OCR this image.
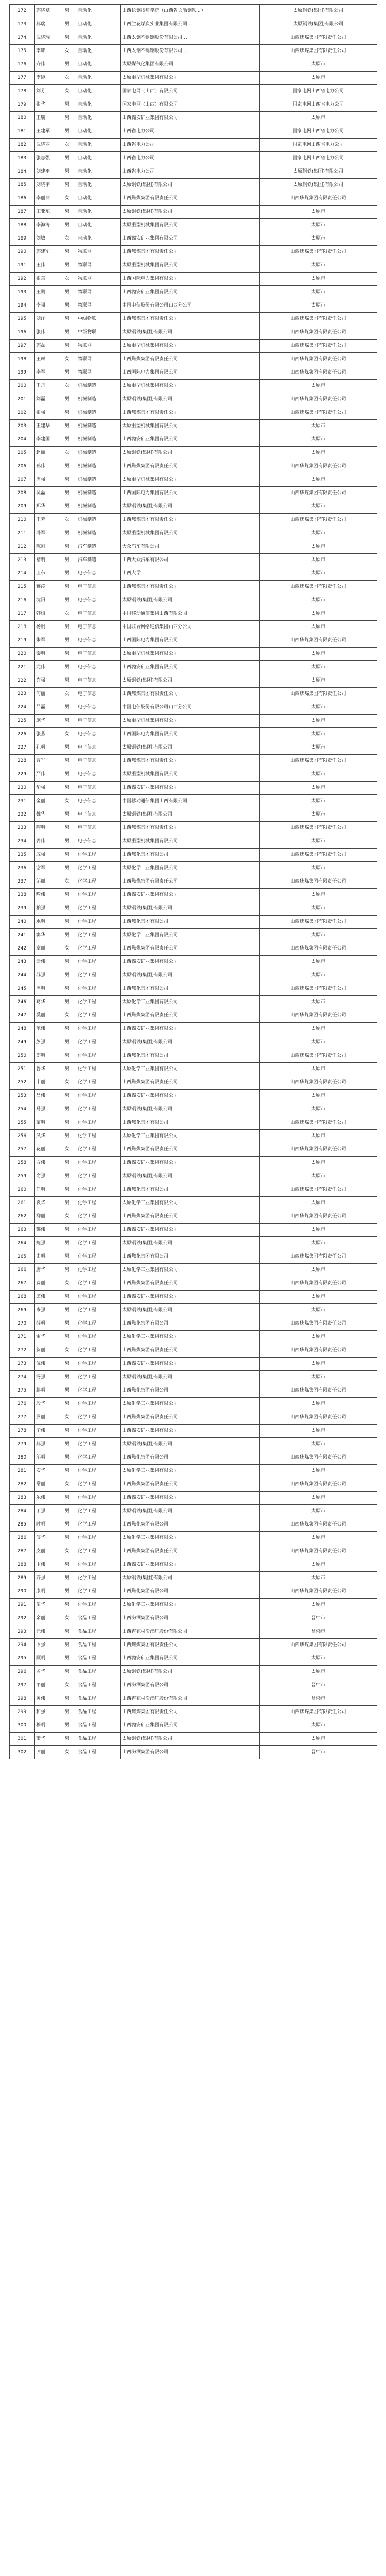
172	郭晓斌	男	自动化	山西长钢技师学院（山西省长治钢铁...）	太原钢铁(集团)有限公司
173	郝瑞	男	自动化	山西兰花煤炭实业集团有限公司...	太原钢铁(集团)有限公司
174	武晓瑞	男	自动化	山西太钢不锈钢股份有限公司...	山西焦煤集团有限责任公司
175	李娜	女	自动化	山西太钢不锈钢股份有限公司...	山西焦煤集团有限责任公司
176	齐伟	男	自动化	太原煤气化集团有限公司	太原市
177	李婷	女	自动化	太原重型机械集团有限公司	太原市
178	刘芳	女	自动化	国家电网（山西）有限公司	国家电网山西省电力公司
179	张华	男	自动化	国家电网（山西）有限公司	国家电网山西省电力公司
180	王瑞	男	自动化	山西潞安矿业集团有限公司	太原市
181	王建军	男	自动化	山西省电力公司	国家电网山西省电力公司
182	武晓丽	女	自动化	山西省电力公司	国家电网山西省电力公司
183	张志强	男	自动化	山西省电力公司	国家电网山西省电力公司
184	刘建平	男	自动化	山西省电力公司	太原钢铁(集团)有限公司
185	刘晓宇	男	自动化	太原钢铁(集团)有限公司	太原钢铁(集团)有限公司
186	李丽丽	女	自动化	山西焦煤集团有限责任公司	山西焦煤集团有限责任公司
187	宋亚东	男	自动化	太原钢铁(集团)有限公司	太原市
188	李海涛	男	自动化	太原重型机械集团有限公司	太原市
189	刘敏	女	自动化	山西潞安矿业集团有限公司	太原市
190	郭建军	男	物联网	山西焦煤集团有限责任公司	山西焦煤集团有限责任公司
191	王伟	男	物联网	太原重型机械集团有限公司	太原市
192	张慧	女	物联网	山西国际电力集团有限公司	太原市
193	王鹏	男	物联网	山西潞安矿业集团有限公司	太原市
194	李强	男	物联网	中国电信股份有限公司山西分公司	太原市
195	刘洋	男	中级物联	山西焦煤集团有限责任公司	山西焦煤集团有限责任公司
196	张伟	男	中级物联	太原钢铁(集团)有限公司	山西焦煤集团有限责任公司
197	郭磊	男	物联网	太原重型机械集团有限公司	山西焦煤集团有限责任公司
198	王琳	女	物联网	山西焦煤集团有限责任公司	山西焦煤集团有限责任公司
199	李军	男	物联网	山西国际电力集团有限公司	山西焦煤集团有限责任公司
200	王丹	女	机械制造	太原重型机械集团有限公司	太原市
201	刘磊	男	机械制造	太原钢铁(集团)有限公司	山西焦煤集团有限责任公司
202	张强	男	机械制造	山西焦煤集团有限责任公司	山西焦煤集团有限责任公司
203	王建华	男	机械制造	太原重型机械集团有限公司	太原市
204	李建国	男	机械制造	山西潞安矿业集团有限公司	太原市
205	赵丽	女	机械制造	太原钢铁(集团)有限公司	太原市
206	孙伟	男	机械制造	山西焦煤集团有限责任公司	山西焦煤集团有限责任公司
207	周强	男	机械制造	太原重型机械集团有限公司	太原市
208	吴磊	男	机械制造	山西国际电力集团有限公司	山西焦煤集团有限责任公司
209	郑华	男	机械制造	太原钢铁(集团)有限公司	太原市
210	王芳	女	机械制造	山西焦煤集团有限责任公司	山西焦煤集团有限责任公司
211	冯军	男	机械制造	太原重型机械集团有限公司	太原市
212	陈刚	男	汽车制造	大众汽车有限公司	太原市
213	褚明	男	汽车制造	山西大众汽车有限公司	太原市
214	卫东	男	电子信息	山西大学	太原市
215	蒋涛	男	电子信息	山西焦煤集团有限责任公司	山西焦煤集团有限责任公司
216	沈阳	男	电子信息	太原钢铁(集团)有限公司	太原市
217	韩梅	女	电子信息	中国移动通信集团山西有限公司	太原市
218	杨帆	男	电子信息	中国联合网络通信集团山西分公司	太原市
219	朱军	男	电子信息	山西国际电力集团有限公司	山西焦煤集团有限责任公司
220	秦明	男	电子信息	太原重型机械集团有限公司	太原市
221	尤伟	男	电子信息	山西潞安矿业集团有限公司	太原市
222	许强	男	电子信息	太原钢铁(集团)有限公司	太原市
223	何丽	女	电子信息	山西焦煤集团有限责任公司	山西焦煤集团有限责任公司
224	吕磊	男	电子信息	中国电信股份有限公司山西分公司	太原市
225	施华	男	电子信息	太原重型机械集团有限公司	太原市
226	张燕	女	电子信息	山西国际电力集团有限公司	太原市
227	孔明	男	电子信息	太原钢铁(集团)有限公司	太原市
228	曹军	男	电子信息	山西焦煤集团有限责任公司	山西焦煤集团有限责任公司
229	严伟	男	电子信息	太原重型机械集团有限公司	太原市
230	华强	男	电子信息	山西潞安矿业集团有限公司	太原市
231	金丽	女	电子信息	中国移动通信集团山西有限公司	太原市
232	魏华	男	电子信息	太原钢铁(集团)有限公司	太原市
233	陶明	男	电子信息	山西焦煤集团有限责任公司	山西焦煤集团有限责任公司
234	姜伟	男	电子信息	太原重型机械集团有限公司	太原市
235	戚强	男	化学工程	山西焦化集团有限公司	山西焦煤集团有限责任公司
236	谢军	男	化学工程	太原化学工业集团有限公司	太原市
237	邹丽	女	化学工程	山西焦煤集团有限责任公司	山西焦煤集团有限责任公司
238	喻伟	男	化学工程	山西潞安矿业集团有限公司	太原市
239	柏强	男	化学工程	太原钢铁(集团)有限公司	太原市
240	水明	男	化学工程	山西焦化集团有限公司	山西焦煤集团有限责任公司
241	窦华	男	化学工程	太原化学工业集团有限公司	太原市
242	章丽	女	化学工程	山西焦煤集团有限责任公司	山西焦煤集团有限责任公司
243	云伟	男	化学工程	山西潞安矿业集团有限公司	太原市
244	苏强	男	化学工程	太原钢铁(集团)有限公司	太原市
245	潘明	男	化学工程	山西焦化集团有限公司	山西焦煤集团有限责任公司
246	葛华	男	化学工程	太原化学工业集团有限公司	太原市
247	奚丽	女	化学工程	山西焦煤集团有限责任公司	山西焦煤集团有限责任公司
248	范伟	男	化学工程	山西潞安矿业集团有限公司	太原市
249	彭强	男	化学工程	太原钢铁(集团)有限公司	太原市
250	郎明	男	化学工程	山西焦化集团有限公司	山西焦煤集团有限责任公司
251	鲁华	男	化学工程	太原化学工业集团有限公司	太原市
252	韦丽	女	化学工程	山西焦煤集团有限责任公司	山西焦煤集团有限责任公司
253	昌伟	男	化学工程	山西潞安矿业集团有限公司	太原市
254	马强	男	化学工程	太原钢铁(集团)有限公司	太原市
255	苗明	男	化学工程	山西焦化集团有限公司	山西焦煤集团有限责任公司
256	凤华	男	化学工程	太原化学工业集团有限公司	太原市
257	花丽	女	化学工程	山西焦煤集团有限责任公司	山西焦煤集团有限责任公司
258	方伟	男	化学工程	山西潞安矿业集团有限公司	太原市
259	俞强	男	化学工程	太原钢铁(集团)有限公司	太原市
260	任明	男	化学工程	山西焦化集团有限公司	山西焦煤集团有限责任公司
261	袁华	男	化学工程	太原化学工业集团有限公司	太原市
262	柳丽	女	化学工程	山西焦煤集团有限责任公司	山西焦煤集团有限责任公司
263	酆伟	男	化学工程	山西潞安矿业集团有限公司	太原市
264	鲍强	男	化学工程	太原钢铁(集团)有限公司	太原市
265	史明	男	化学工程	山西焦化集团有限公司	山西焦煤集团有限责任公司
266	唐华	男	化学工程	太原化学工业集团有限公司	太原市
267	费丽	女	化学工程	山西焦煤集团有限责任公司	山西焦煤集团有限责任公司
268	廉伟	男	化学工程	山西潞安矿业集团有限公司	太原市
269	岑强	男	化学工程	太原钢铁(集团)有限公司	太原市
270	薛明	男	化学工程	山西焦化集团有限公司	山西焦煤集团有限责任公司
271	雷华	男	化学工程	太原化学工业集团有限公司	太原市
272	贺丽	女	化学工程	山西焦煤集团有限责任公司	山西焦煤集团有限责任公司
273	倪伟	男	化学工程	山西潞安矿业集团有限公司	太原市
274	汤强	男	化学工程	太原钢铁(集团)有限公司	太原市
275	滕明	男	化学工程	山西焦化集团有限公司	山西焦煤集团有限责任公司
276	殷华	男	化学工程	太原化学工业集团有限公司	太原市
277	罗丽	女	化学工程	山西焦煤集团有限责任公司	山西焦煤集团有限责任公司
278	毕伟	男	化学工程	山西潞安矿业集团有限公司	太原市
279	郝强	男	化学工程	太原钢铁(集团)有限公司	太原市
280	邬明	男	化学工程	山西焦化集团有限公司	山西焦煤集团有限责任公司
281	安华	男	化学工程	太原化学工业集团有限公司	太原市
282	常丽	女	化学工程	山西焦煤集团有限责任公司	山西焦煤集团有限责任公司
283	乐伟	男	化学工程	山西潞安矿业集团有限公司	太原市
284	于强	男	化学工程	太原钢铁(集团)有限公司	太原市
285	时明	男	化学工程	山西焦化集团有限公司	山西焦煤集团有限责任公司
286	傅华	男	化学工程	太原化学工业集团有限公司	太原市
287	皮丽	女	化学工程	山西焦煤集团有限责任公司	山西焦煤集团有限责任公司
288	卞伟	男	化学工程	山西潞安矿业集团有限公司	太原市
289	齐强	男	化学工程	太原钢铁(集团)有限公司	太原市
290	康明	男	化学工程	山西焦化集团有限公司	山西焦煤集团有限责任公司
291	伍华	男	化学工程	太原化学工业集团有限公司	太原市
292	余丽	女	食品工程	山西汾酒集团有限公司	晋中市
293	元伟	男	食品工程	山西杏花村汾酒厂股份有限公司	吕梁市
294	卜强	男	食品工程	山西焦煤集团有限责任公司	山西焦煤集团有限责任公司
295	顾明	男	食品工程	山西潞安矿业集团有限公司	太原市
296	孟华	男	食品工程	太原钢铁(集团)有限公司	太原市
297	平丽	女	食品工程	山西汾酒集团有限公司	晋中市
298	黄伟	男	食品工程	山西杏花村汾酒厂股份有限公司	吕梁市
299	和强	男	食品工程	山西焦煤集团有限责任公司	山西焦煤集团有限责任公司
300	穆明	男	食品工程	山西潞安矿业集团有限公司	太原市
301	萧华	男	食品工程	太原钢铁(集团)有限公司	太原市
302	尹丽	女	食品工程	山西汾酒集团有限公司	晋中市
